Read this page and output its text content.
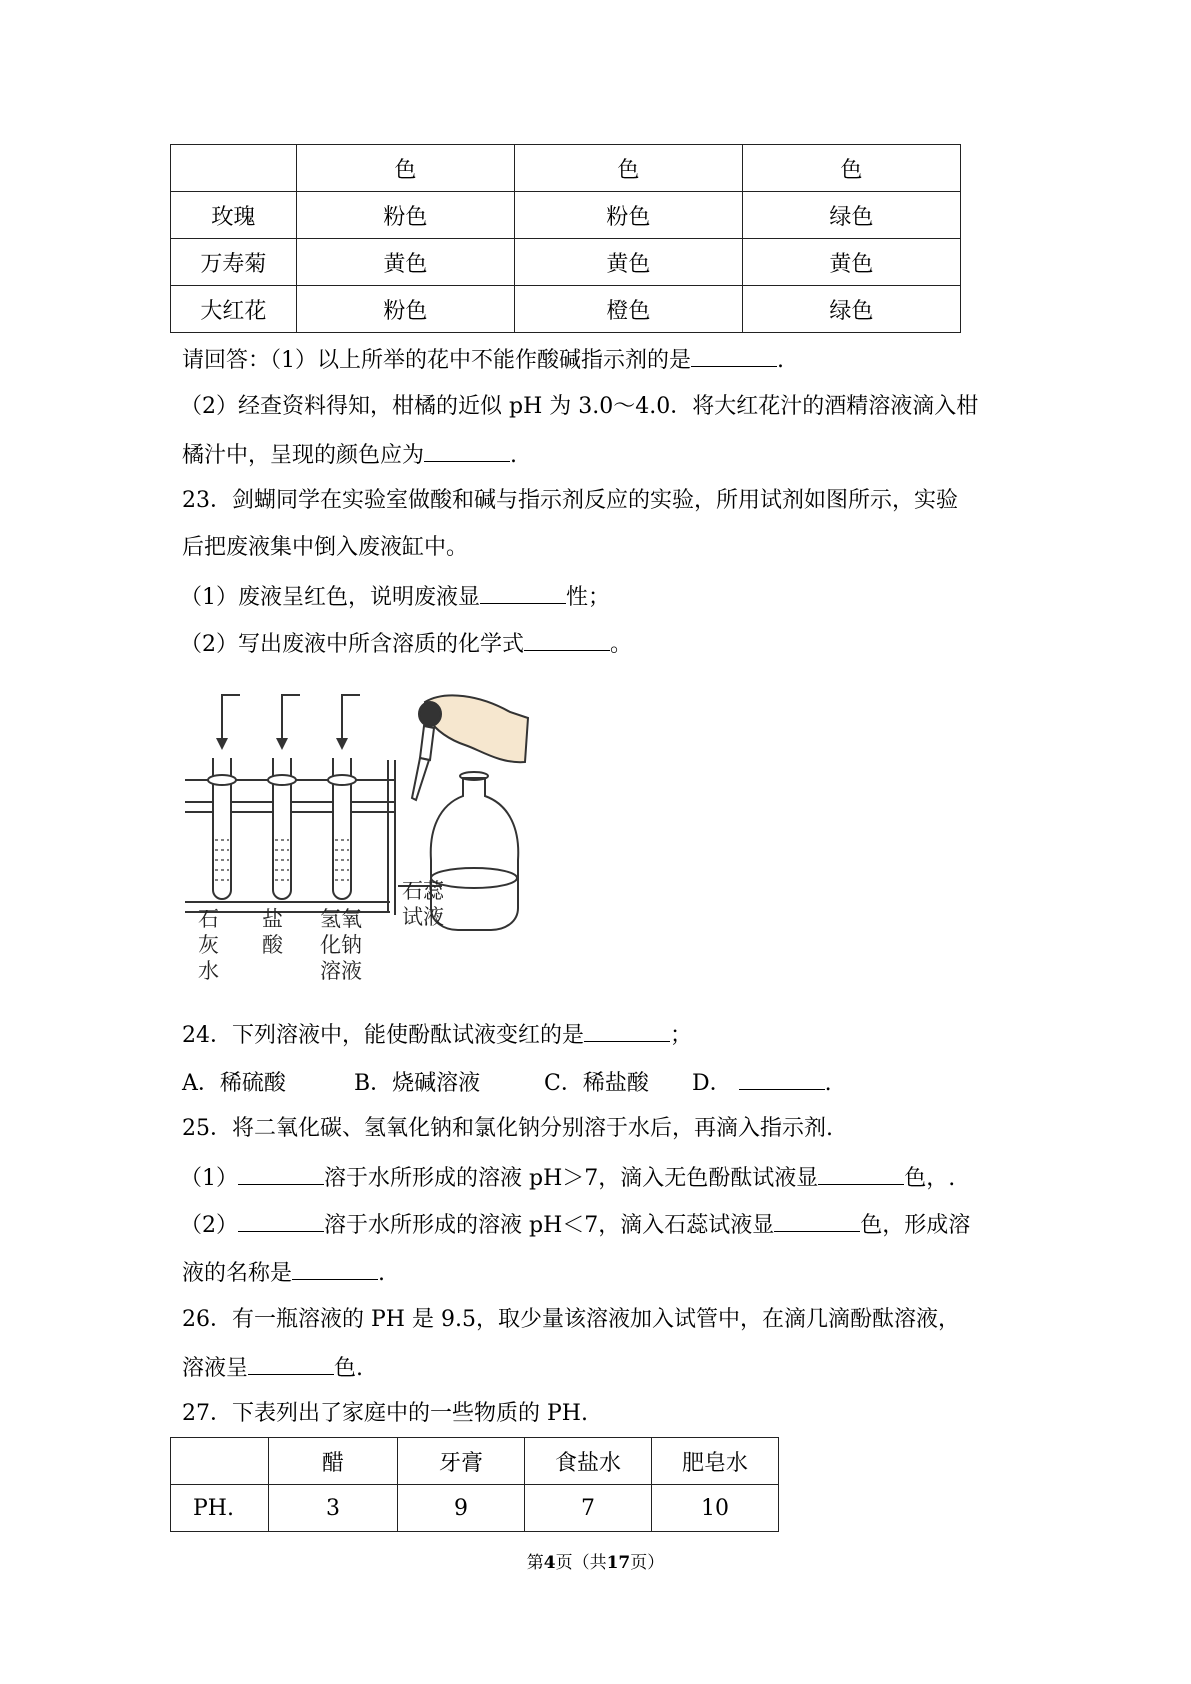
	色	色	色
玫瑰	粉色	粉色	绿色
万寿菊	黄色	黄色	黄色
大红花	粉色	橙色	绿色
请回答：（1）以上所举的花中不能作酸碱指示剂的是	.
（2）经查资料得知，柑橘的近似 pH 为 3.0～4.0．将大红花汁的酒精溶液滴入柑
橘汁中，呈现的颜色应为	.
23．剑蝴同学在实验室做酸和碱与指示剂反应的实验，所用试剂如图所示，实验
后把废液集中倒入废液缸中。
（1）废液呈红色，说明废液显	性；
（2）写出废液中所含溶质的化学式	。
石 灰 水
盐 酸
氢氧 化钠 溶液
石蕊 试液
24．下列溶液中，能使酚酞试液变红的是	；
A．稀硫酸	B．烧碱溶液	C．稀盐酸 D．	.
25．将二氧化碳、氢氧化钠和氯化钠分别溶于水后，再滴入指示剂.
（1）	溶于水所形成的溶液 pH＞7，滴入无色酚酞试液显	色，.
（2）	溶于水所形成的溶液 pH＜7，滴入石蕊试液显	色，形成溶
液的名称是	.
26．有一瓶溶液的 PH 是 9.5，取少量该溶液加入试管中，在滴几滴酚酞溶液，
溶液呈	色.
27．下表列出了家庭中的一些物质的 PH.
	醋	牙膏	食盐水	肥皂水
PH.	3	9	7	10
第4页（共17页）
